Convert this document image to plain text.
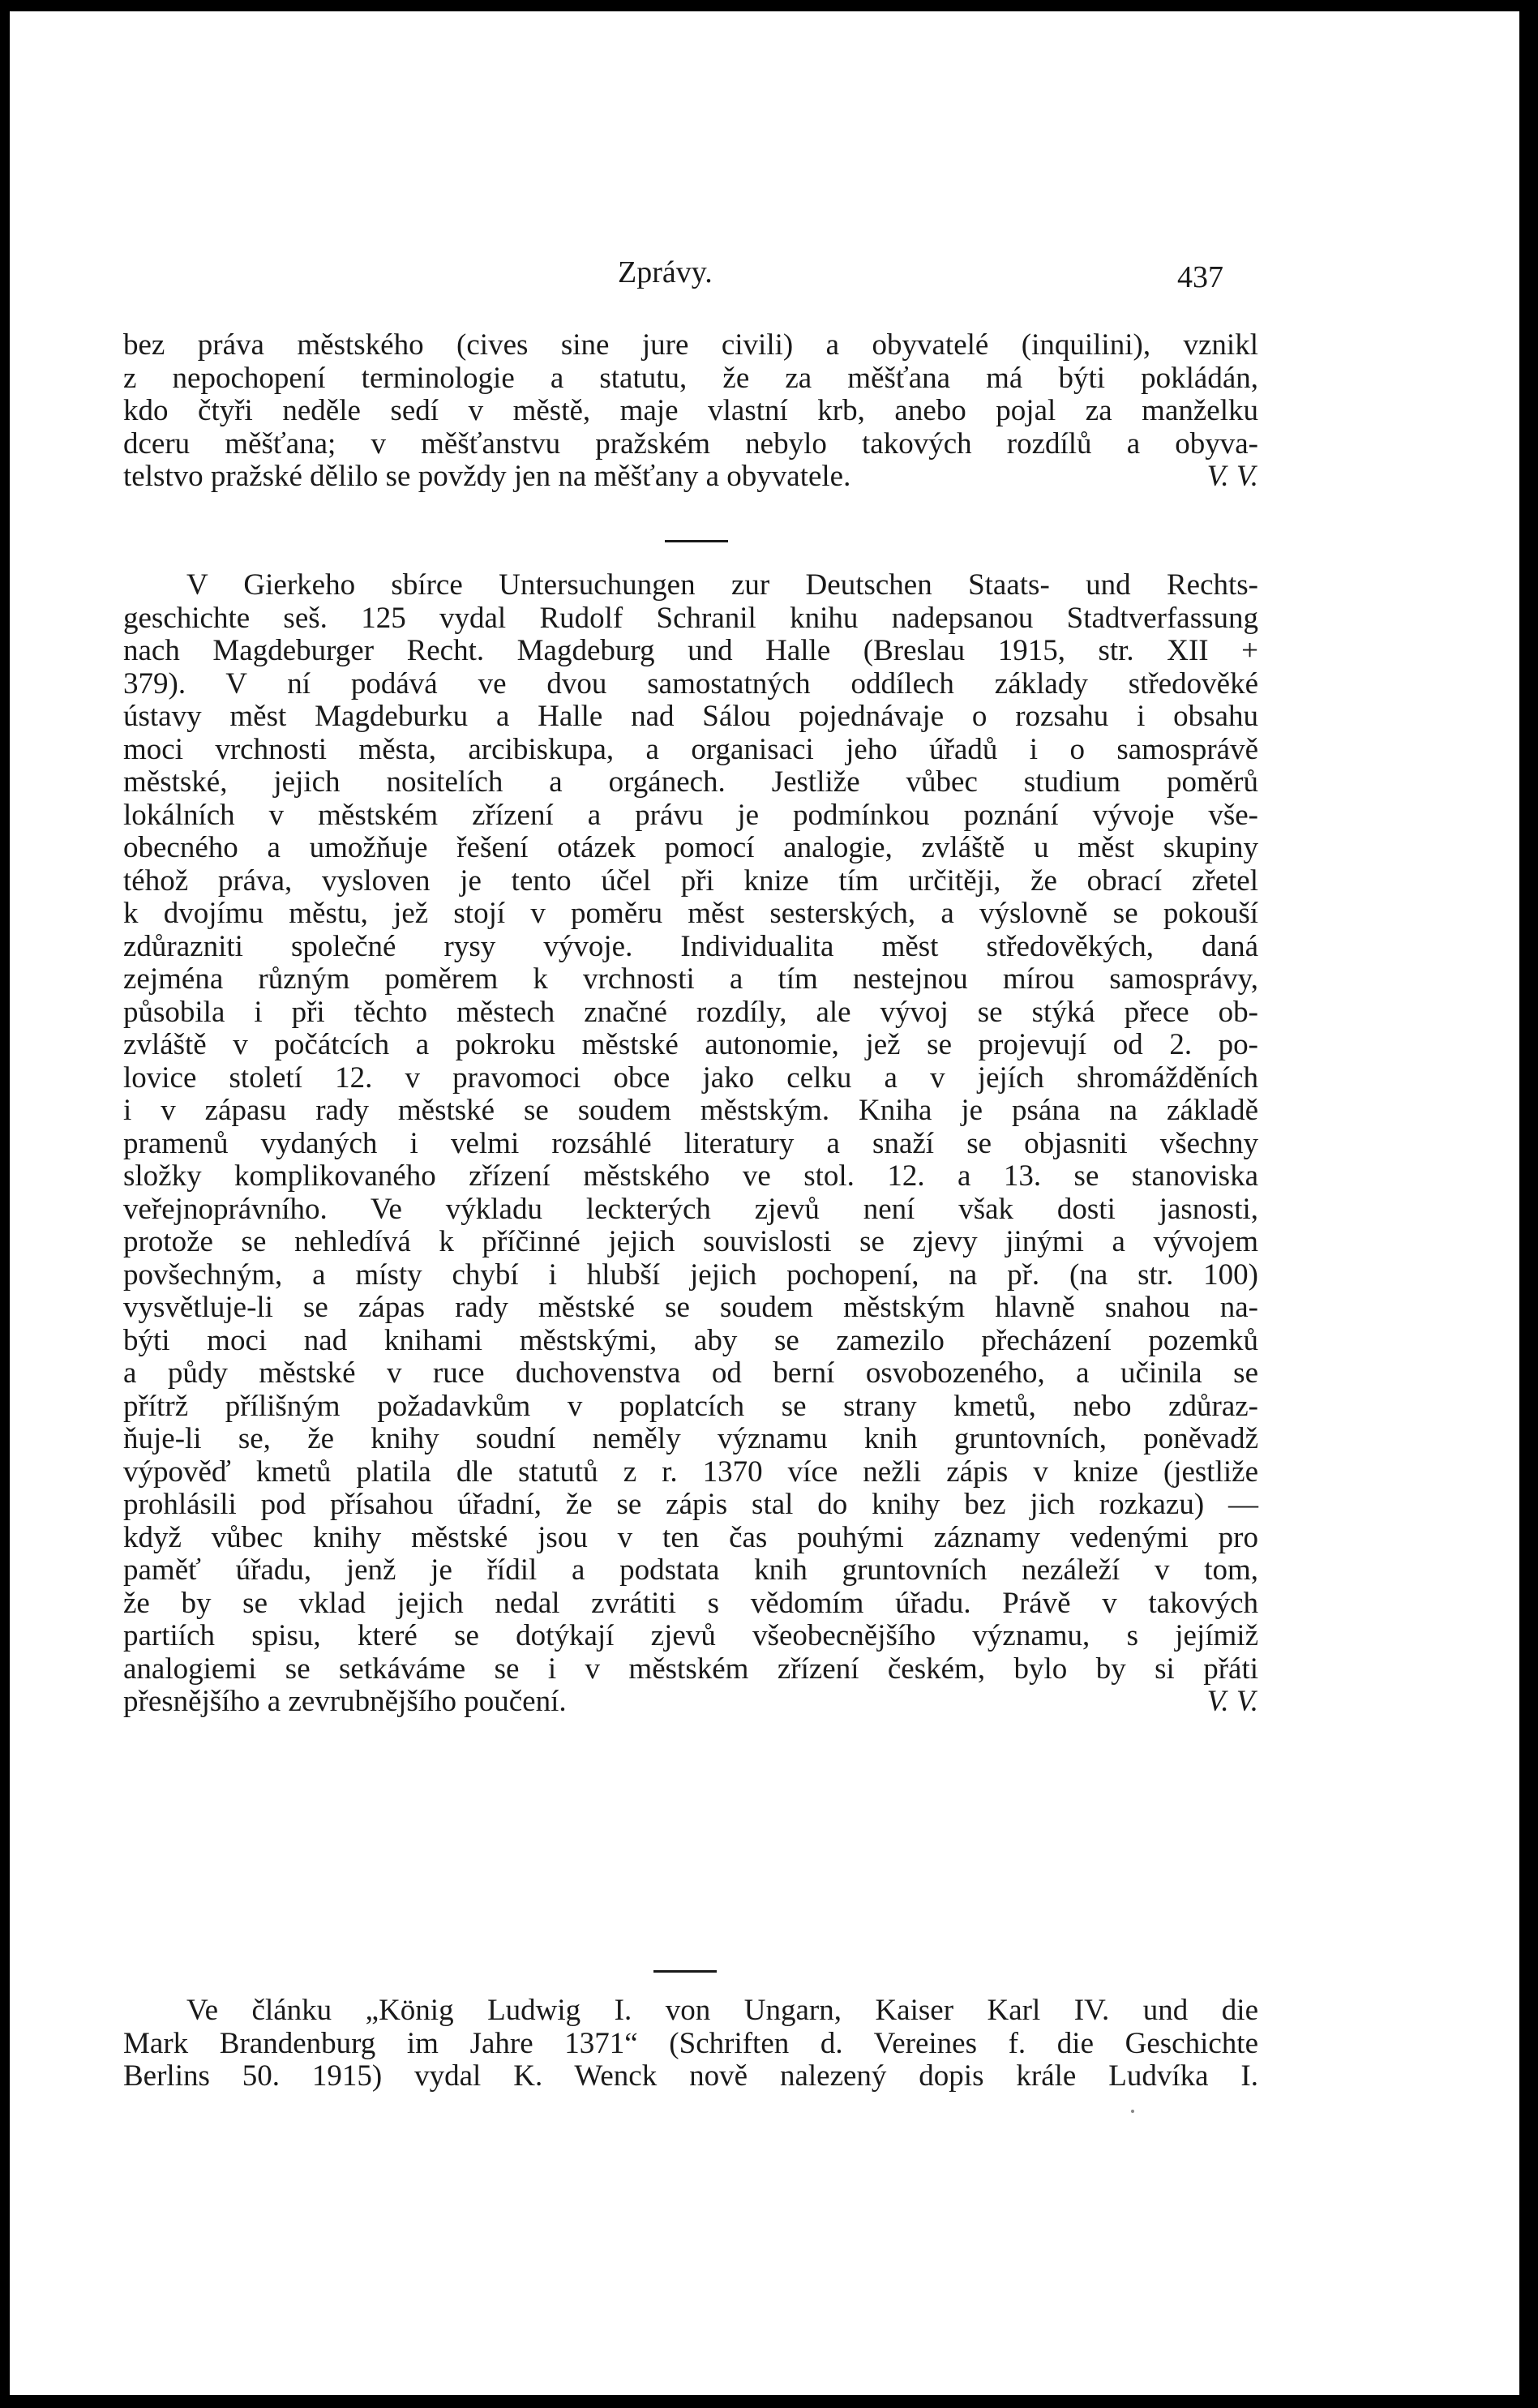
Zprávy.	437
bez práva městského (cives sine jure civili) a obyvatelé (inquilini), vznikl
z nepochopení terminologie a statutu, že za měšťana má býti pokládán,
kdo čtyři neděle sedí v městě, maje vlastní krb, anebo pojal za manželku
dceru měšťana; v měšťanstvu pražském nebylo takových rozdílů a obyva-
telstvo pražské dělilo se povždy jen na měšťany a obyvatele.	V. V.
V Gierkeho sbírce Untersuchungen zur Deutschen Staats- und Rechts-
geschichte seš. 125 vydal Rudolf Schranil knihu nadepsanou Stadtverfassung
nach Magdeburger Recht. Magdeburg und Halle (Breslau 1915, str. XII +
379). V ní podává ve dvou samostatných oddílech základy středověké
ústavy měst Magdeburku a Halle nad Sálou pojednávaje o rozsahu i obsahu
moci vrchnosti města, arcibiskupa, a organisaci jeho úřadů i o samosprávě
městské, jejich nositelích a orgánech. Jestliže vůbec studium poměrů
lokálních v městském zřízení a právu je podmínkou poznání vývoje vše-
obecného a umožňuje řešení otázek pomocí analogie, zvláště u měst skupiny
téhož práva, vysloven je tento účel při knize tím určitěji, že obrací zřetel
k dvojímu městu, jež stojí v poměru měst sesterských, a výslovně se pokouší
zdůrazniti společné rysy vývoje. Individualita měst středověkých, daná
zejména různým poměrem k vrchnosti a tím nestejnou mírou samosprávy,
působila i při těchto městech značné rozdíly, ale vývoj se stýká přece ob-
zvláště v počátcích a pokroku městské autonomie, jež se projevují od 2. po-
lovice století 12. v pravomoci obce jako celku a v jejích shromážděních
i v zápasu rady městské se soudem městským. Kniha je psána na základě
pramenů vydaných i velmi rozsáhlé literatury a snaží se objasniti všechny
složky komplikovaného zřízení městského ve stol. 12. a 13. se stanoviska
veřejnoprávního. Ve výkladu leckterých zjevů není však dosti jasnosti,
protože se nehledívá k příčinné jejich souvislosti se zjevy jinými a vývojem
povšechným, a místy chybí i hlubší jejich pochopení, na př. (na str. 100)
vysvětluje-li se zápas rady městské se soudem městským hlavně snahou na-
býti moci nad knihami městskými, aby se zamezilo přecházení pozemků
a půdy městské v ruce duchovenstva od berní osvobozeného, a učinila se
přítrž přílišným požadavkům v poplatcích se strany kmetů, nebo zdůraz-
ňuje-li se, že knihy soudní neměly významu knih gruntovních, poněvadž
výpověď kmetů platila dle statutů z r. 1370 více nežli zápis v knize (jestliže
prohlásili pod přísahou úřadní, že se zápis stal do knihy bez jich rozkazu) —
když vůbec knihy městské jsou v ten čas pouhými záznamy vedenými pro
paměť úřadu, jenž je řídil a podstata knih gruntovních nezáleží v tom,
že by se vklad jejich nedal zvrátiti s vědomím úřadu. Právě v takových
partiích spisu, které se dotýkají zjevů všeobecnějšího významu, s jejímiž
analogiemi se setkáváme se i v městském zřízení českém, bylo by si přáti
přesnějšího a zevrubnějšího poučení.	V. V.
Ve článku „König Ludwig I. von Ungarn, Kaiser Karl IV. und die
Mark Brandenburg im Jahre 1371“ (Schriften d. Vereines f. die Geschichte
Berlins 50. 1915) vydal K. Wenck nově nalezený dopis krále Ludvíka I.
